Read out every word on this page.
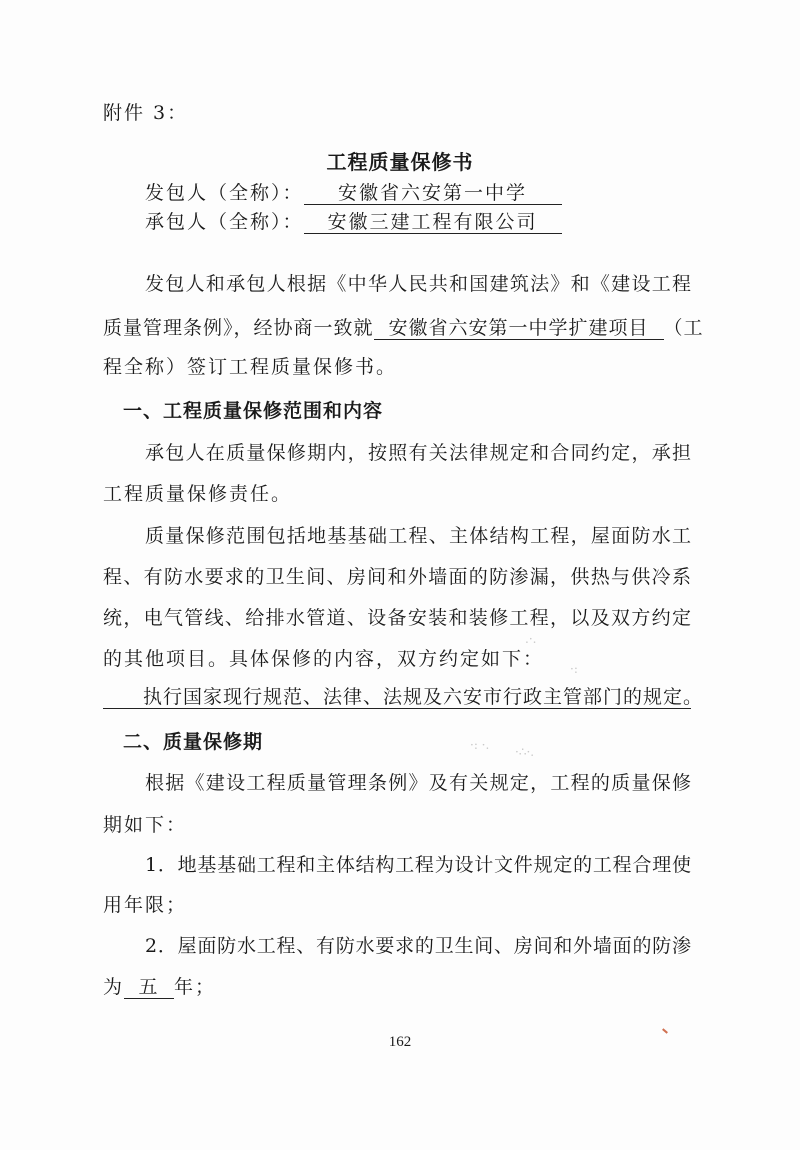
附件 3：
工程质量保修书
发包人（全称）： 安徽省六安第一中学
承包人（全称）： 安徽三建工程有限公司
发包人和承包人根据《中华人民共和国建筑法》和《建设工程
质量管理条例》，经协商一致就 安徽省六安第一中学扩建项目 （工
程全称）签订工程质量保修书。
一、工程质量保修范围和内容
承包人在质量保修期内，按照有关法律规定和合同约定，承担
工程质量保修责任。
质量保修范围包括地基基础工程、主体结构工程，屋面防水工
程、有防水要求的卫生间、房间和外墙面的防渗漏，供热与供冷系
统，电气管线、给排水管道、设备安装和装修工程，以及双方约定
的其他项目。具体保修的内容，双方约定如下：
执行国家现行规范、法律、法规及六安市行政主管部门的规定。
二、质量保修期
根据《建设工程质量管理条例》及有关规定，工程的质量保修
期如下：
1．地基基础工程和主体结构工程为设计文件规定的工程合理使
用年限；
2．屋面防水工程、有防水要求的卫生间、房间和外墙面的防渗
为 五 年；
162
.·.
·:
·: ·. ·∴·.
